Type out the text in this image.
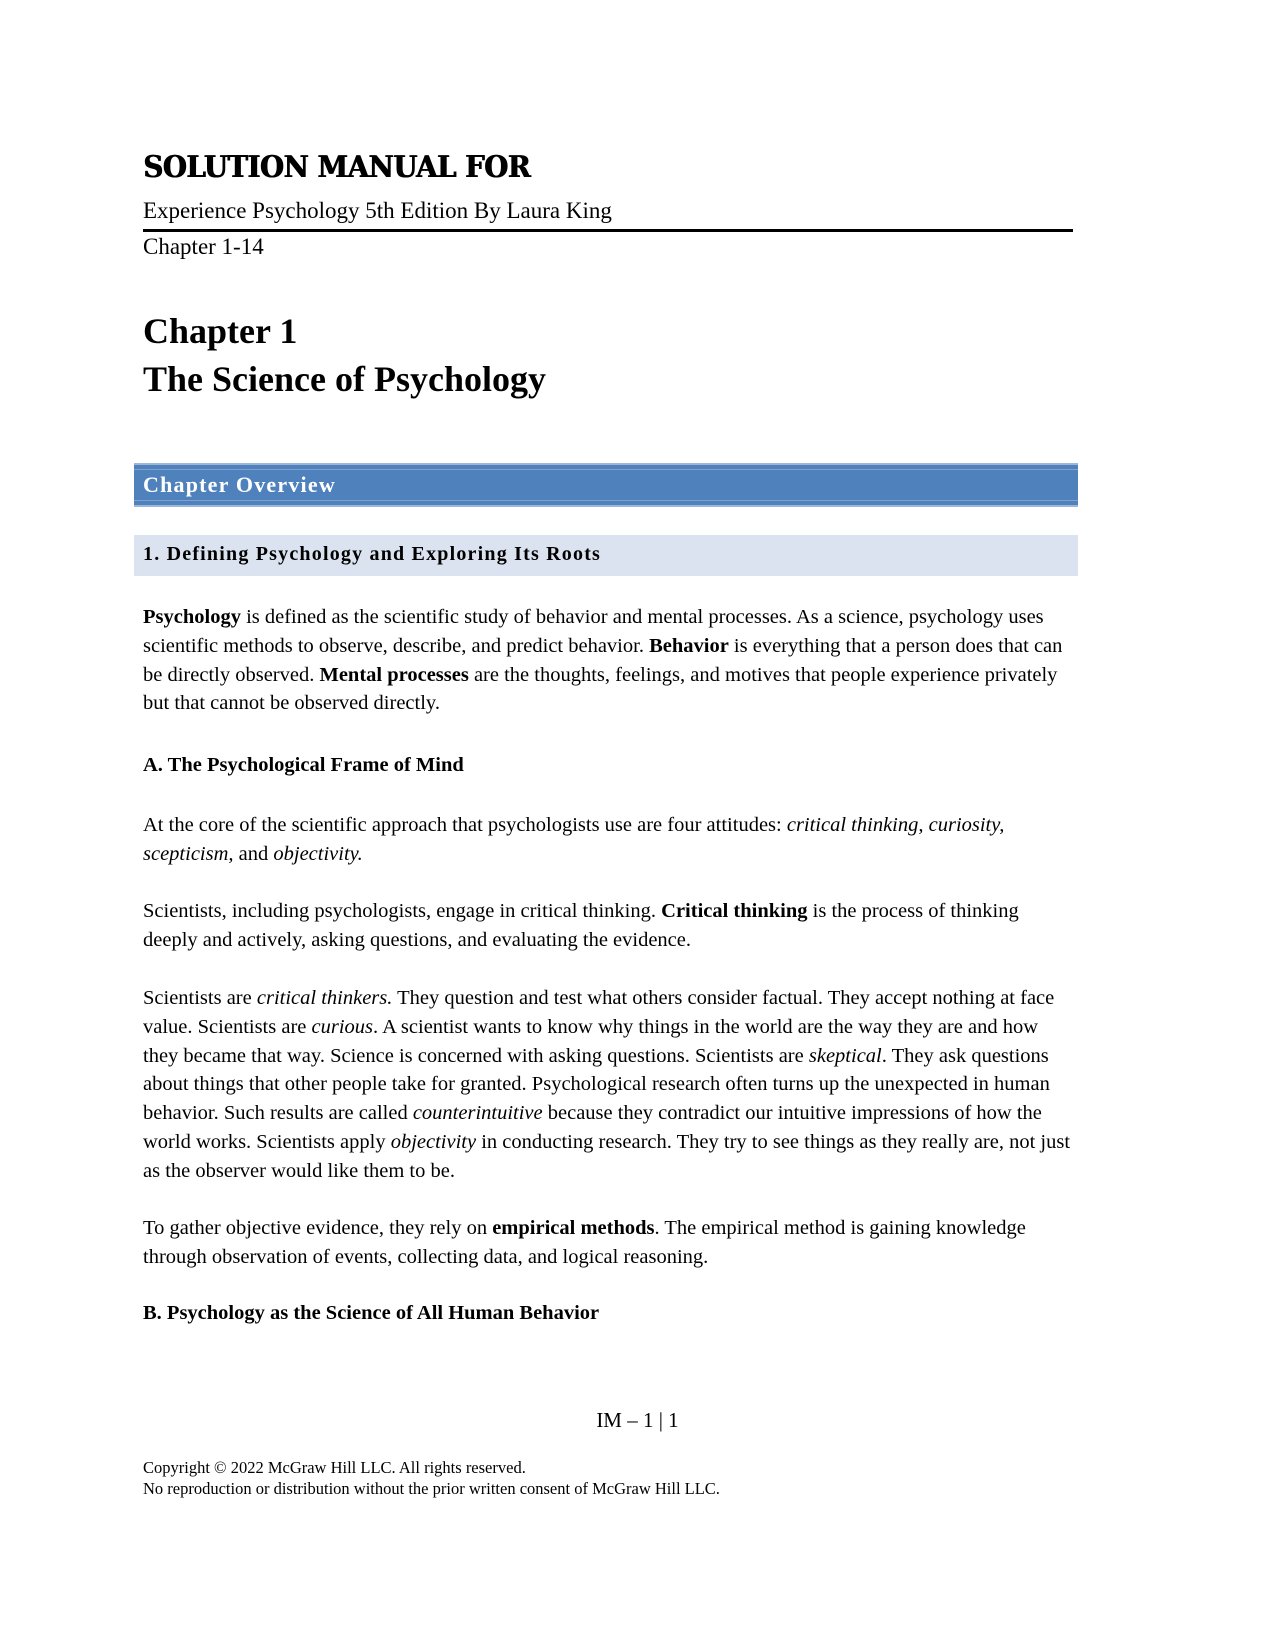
SOLUTION MANUAL FOR
Experience Psychology 5th Edition By Laura King
Chapter 1-14
Chapter 1
The Science of Psychology
Chapter Overview
1. Defining Psychology and Exploring Its Roots
Psychology is defined as the scientific study of behavior and mental processes. As a science, psychology uses scientific methods to observe, describe, and predict behavior. Behavior is everything that a person does that can be directly observed. Mental processes are the thoughts, feelings, and motives that people experience privately but that cannot be observed directly.
A. The Psychological Frame of Mind
At the core of the scientific approach that psychologists use are four attitudes: critical thinking, curiosity, scepticism, and objectivity.
Scientists, including psychologists, engage in critical thinking. Critical thinking is the process of thinking deeply and actively, asking questions, and evaluating the evidence.
Scientists are critical thinkers. They question and test what others consider factual. They accept nothing at face value. Scientists are curious. A scientist wants to know why things in the world are the way they are and how they became that way. Science is concerned with asking questions. Scientists are skeptical. They ask questions about things that other people take for granted. Psychological research often turns up the unexpected in human behavior. Such results are called counterintuitive because they contradict our intuitive impressions of how the world works. Scientists apply objectivity in conducting research. They try to see things as they really are, not just as the observer would like them to be.
To gather objective evidence, they rely on empirical methods. The empirical method is gaining knowledge through observation of events, collecting data, and logical reasoning.
B. Psychology as the Science of All Human Behavior
IM – 1 | 1
Copyright © 2022 McGraw Hill LLC. All rights reserved.
No reproduction or distribution without the prior written consent of McGraw Hill LLC.
